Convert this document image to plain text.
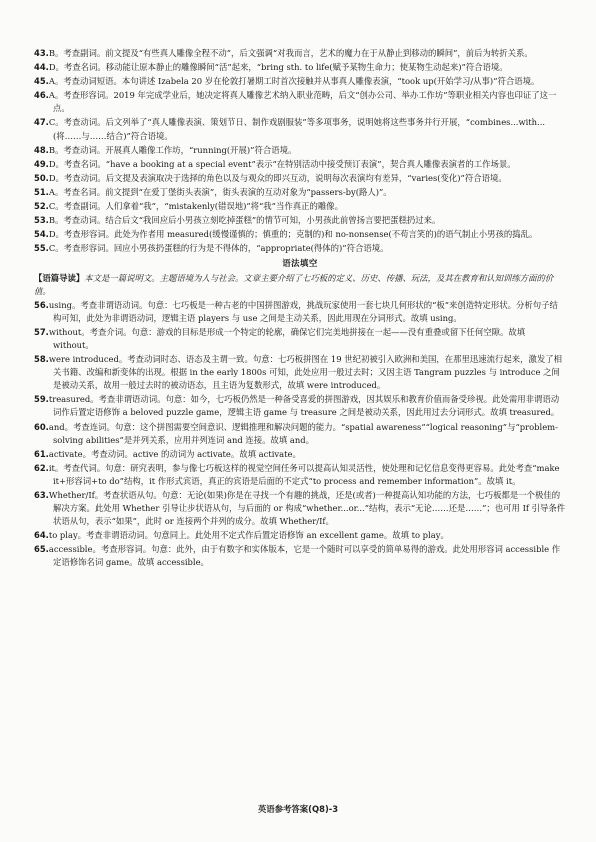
43.B。考查副词。前文提及“有些真人雕像全程不动”，后文强调“对我而言，艺术的魔力在于从静止到移动的瞬间”，前后为转折关系。
44.D。考查名词。移动能让原本静止的雕像瞬间“活”起来，“bring sth. to life(赋予某物生命力；使某物生动起来)”符合语境。
45.A。考查动词短语。本句讲述 Izabela 20 岁在伦敦打暑期工时首次接触并从事真人雕像表演，“took up(开始学习/从事)”符合语境。
46.A。考查形容词。2019 年完成学业后，她决定将真人雕像艺术纳入职业范畴，后文“创办公司、举办工作坊”等职业相关内容也印证了这一点。
47.C。考查动词。后文列举了“真人雕像表演、策划节日、制作戏剧服装”等多项事务，说明她将这些事务并行开展，“combines...with...(将……与……结合)”符合语境。
48.B。考查动词。开展真人雕像工作坊，“running(开展)”符合语境。
49.D。考查名词。“have a booking at a special event”表示“在特别活动中接受预订表演”，契合真人雕像表演者的工作场景。
50.D。考查动词。后文提及表演取决于选择的角色以及与观众的即兴互动，说明每次表演均有差异，“varies(变化)”符合语境。
51.A。考查名词。前文提到“在爱丁堡街头表演”，街头表演的互动对象为“passers-by(路人)”。
52.C。考查副词。人们拿着“我”，“mistakenly(错误地)”将“我”当作真正的雕像。
53.B。考查动词。结合后文“我回应后小男孩立刻吃掉蛋糕”的情节可知，小男孩此前曾扬言要把蛋糕扔过来。
54.D。考查形容词。此处为作者用 measured(缓慢谨慎的；慎重的；克制的)和 no-nonsense(不苟言笑的)的语气制止小男孩的捣乱。
55.C。考查形容词。回应小男孩扔蛋糕的行为是不得体的，“appropriate(得体的)”符合语境。
语法填空
【语篇导读】本文是一篇说明文。主题语境为人与社会。文章主要介绍了七巧板的定义、历史、传播、玩法，及其在教育和认知训练方面的价值。
56.using。考查非谓语动词。句意：七巧板是一种古老的中国拼图游戏，挑战玩家使用一套七块几何形状的“板”来创造特定形状。分析句子结构可知，此处为非谓语动词，逻辑主语 players 与 use 之间是主动关系，因此用现在分词形式。故填 using。
57.without。考查介词。句意：游戏的目标是形成一个特定的轮廓，确保它们完美地拼接在一起——没有重叠或留下任何空隙。故填 without。
58.were introduced。考查动词时态、语态及主谓一致。句意：七巧板拼图在 19 世纪初被引入欧洲和美国，在那里迅速流行起来，激发了相关书籍、改编和新变体的出现。根据 in the early 1800s 可知，此处应用一般过去时；又因主语 Tangram puzzles 与 introduce 之间是被动关系，故用一般过去时的被动语态，且主语为复数形式，故填 were introduced。
59.treasured。考查非谓语动词。句意：如今，七巧板仍然是一种备受喜爱的拼图游戏，因其娱乐和教育价值而备受珍视。此处需用非谓语动词作后置定语修饰 a beloved puzzle game，逻辑主语 game 与 treasure 之间是被动关系，因此用过去分词形式。故填 treasured。
60.and。考查连词。句意：这个拼图需要空间意识、逻辑推理和解决问题的能力。“spatial awareness”“logical reasoning”与“problem-solving abilities”是并列关系，应用并列连词 and 连接。故填 and。
61.activate。考查动词。active 的动词为 activate。故填 activate。
62.it。考查代词。句意：研究表明，参与像七巧板这样的视觉空间任务可以提高认知灵活性，使处理和记忆信息变得更容易。此处考查“make it+形容词+to do”结构，it 作形式宾语，真正的宾语是后面的不定式“to process and remember information”。故填 it。
63.Whether/If。考查状语从句。句意：无论(如果)你是在寻找一个有趣的挑战，还是(或者)一种提高认知功能的方法，七巧板都是一个极佳的解决方案。此处用 Whether 引导让步状语从句，与后面的 or 构成“whether...or...”结构，表示“无论……还是……”；也可用 If 引导条件状语从句，表示“如果”，此时 or 连接两个并列的成分。故填 Whether/If。
64.to play。考查非谓语动词。句意同上。此处用不定式作后置定语修饰 an excellent game。故填 to play。
65.accessible。考查形容词。句意：此外，由于有数字和实体版本，它是一个随时可以享受的简单易得的游戏。此处用形容词 accessible 作定语修饰名词 game。故填 accessible。
英语参考答案(Q8)-3
